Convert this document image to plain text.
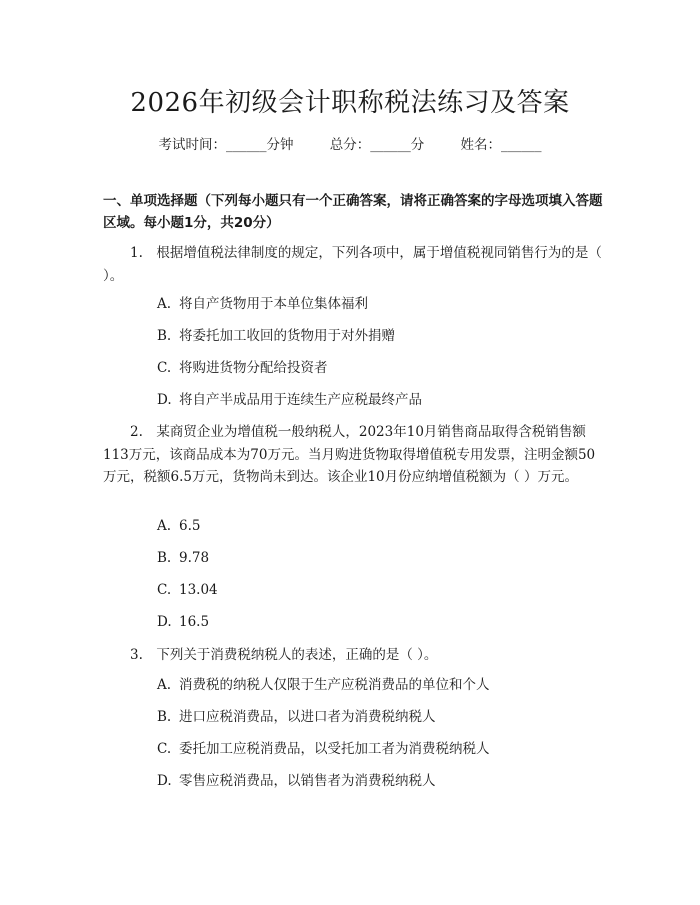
2026年初级会计职称税法练习及答案
考试时间：______分钟	总分：______分	姓名：______
一、单项选择题（下列每小题只有一个正确答案，请将正确答案的字母选项填入答题区域。每小题1分，共20分）
1.　根据增值税法律制度的规定，下列各项中，属于增值税视同销售行为的是（ ）。
A. 将自产货物用于本单位集体福利
B. 将委托加工收回的货物用于对外捐赠
C. 将购进货物分配给投资者
D. 将自产半成品用于连续生产应税最终产品
2.　某商贸企业为增值税一般纳税人，2023年10月销售商品取得含税销售额113万元，该商品成本为70万元。当月购进货物取得增值税专用发票，注明金额50万元，税额6.5万元，货物尚未到达。该企业10月份应纳增值税额为（ ）万元。
A. 6.5
B. 9.78
C. 13.04
D. 16.5
3.　下列关于消费税纳税人的表述，正确的是（ ）。
A. 消费税的纳税人仅限于生产应税消费品的单位和个人
B. 进口应税消费品，以进口者为消费税纳税人
C. 委托加工应税消费品，以受托加工者为消费税纳税人
D. 零售应税消费品，以销售者为消费税纳税人
